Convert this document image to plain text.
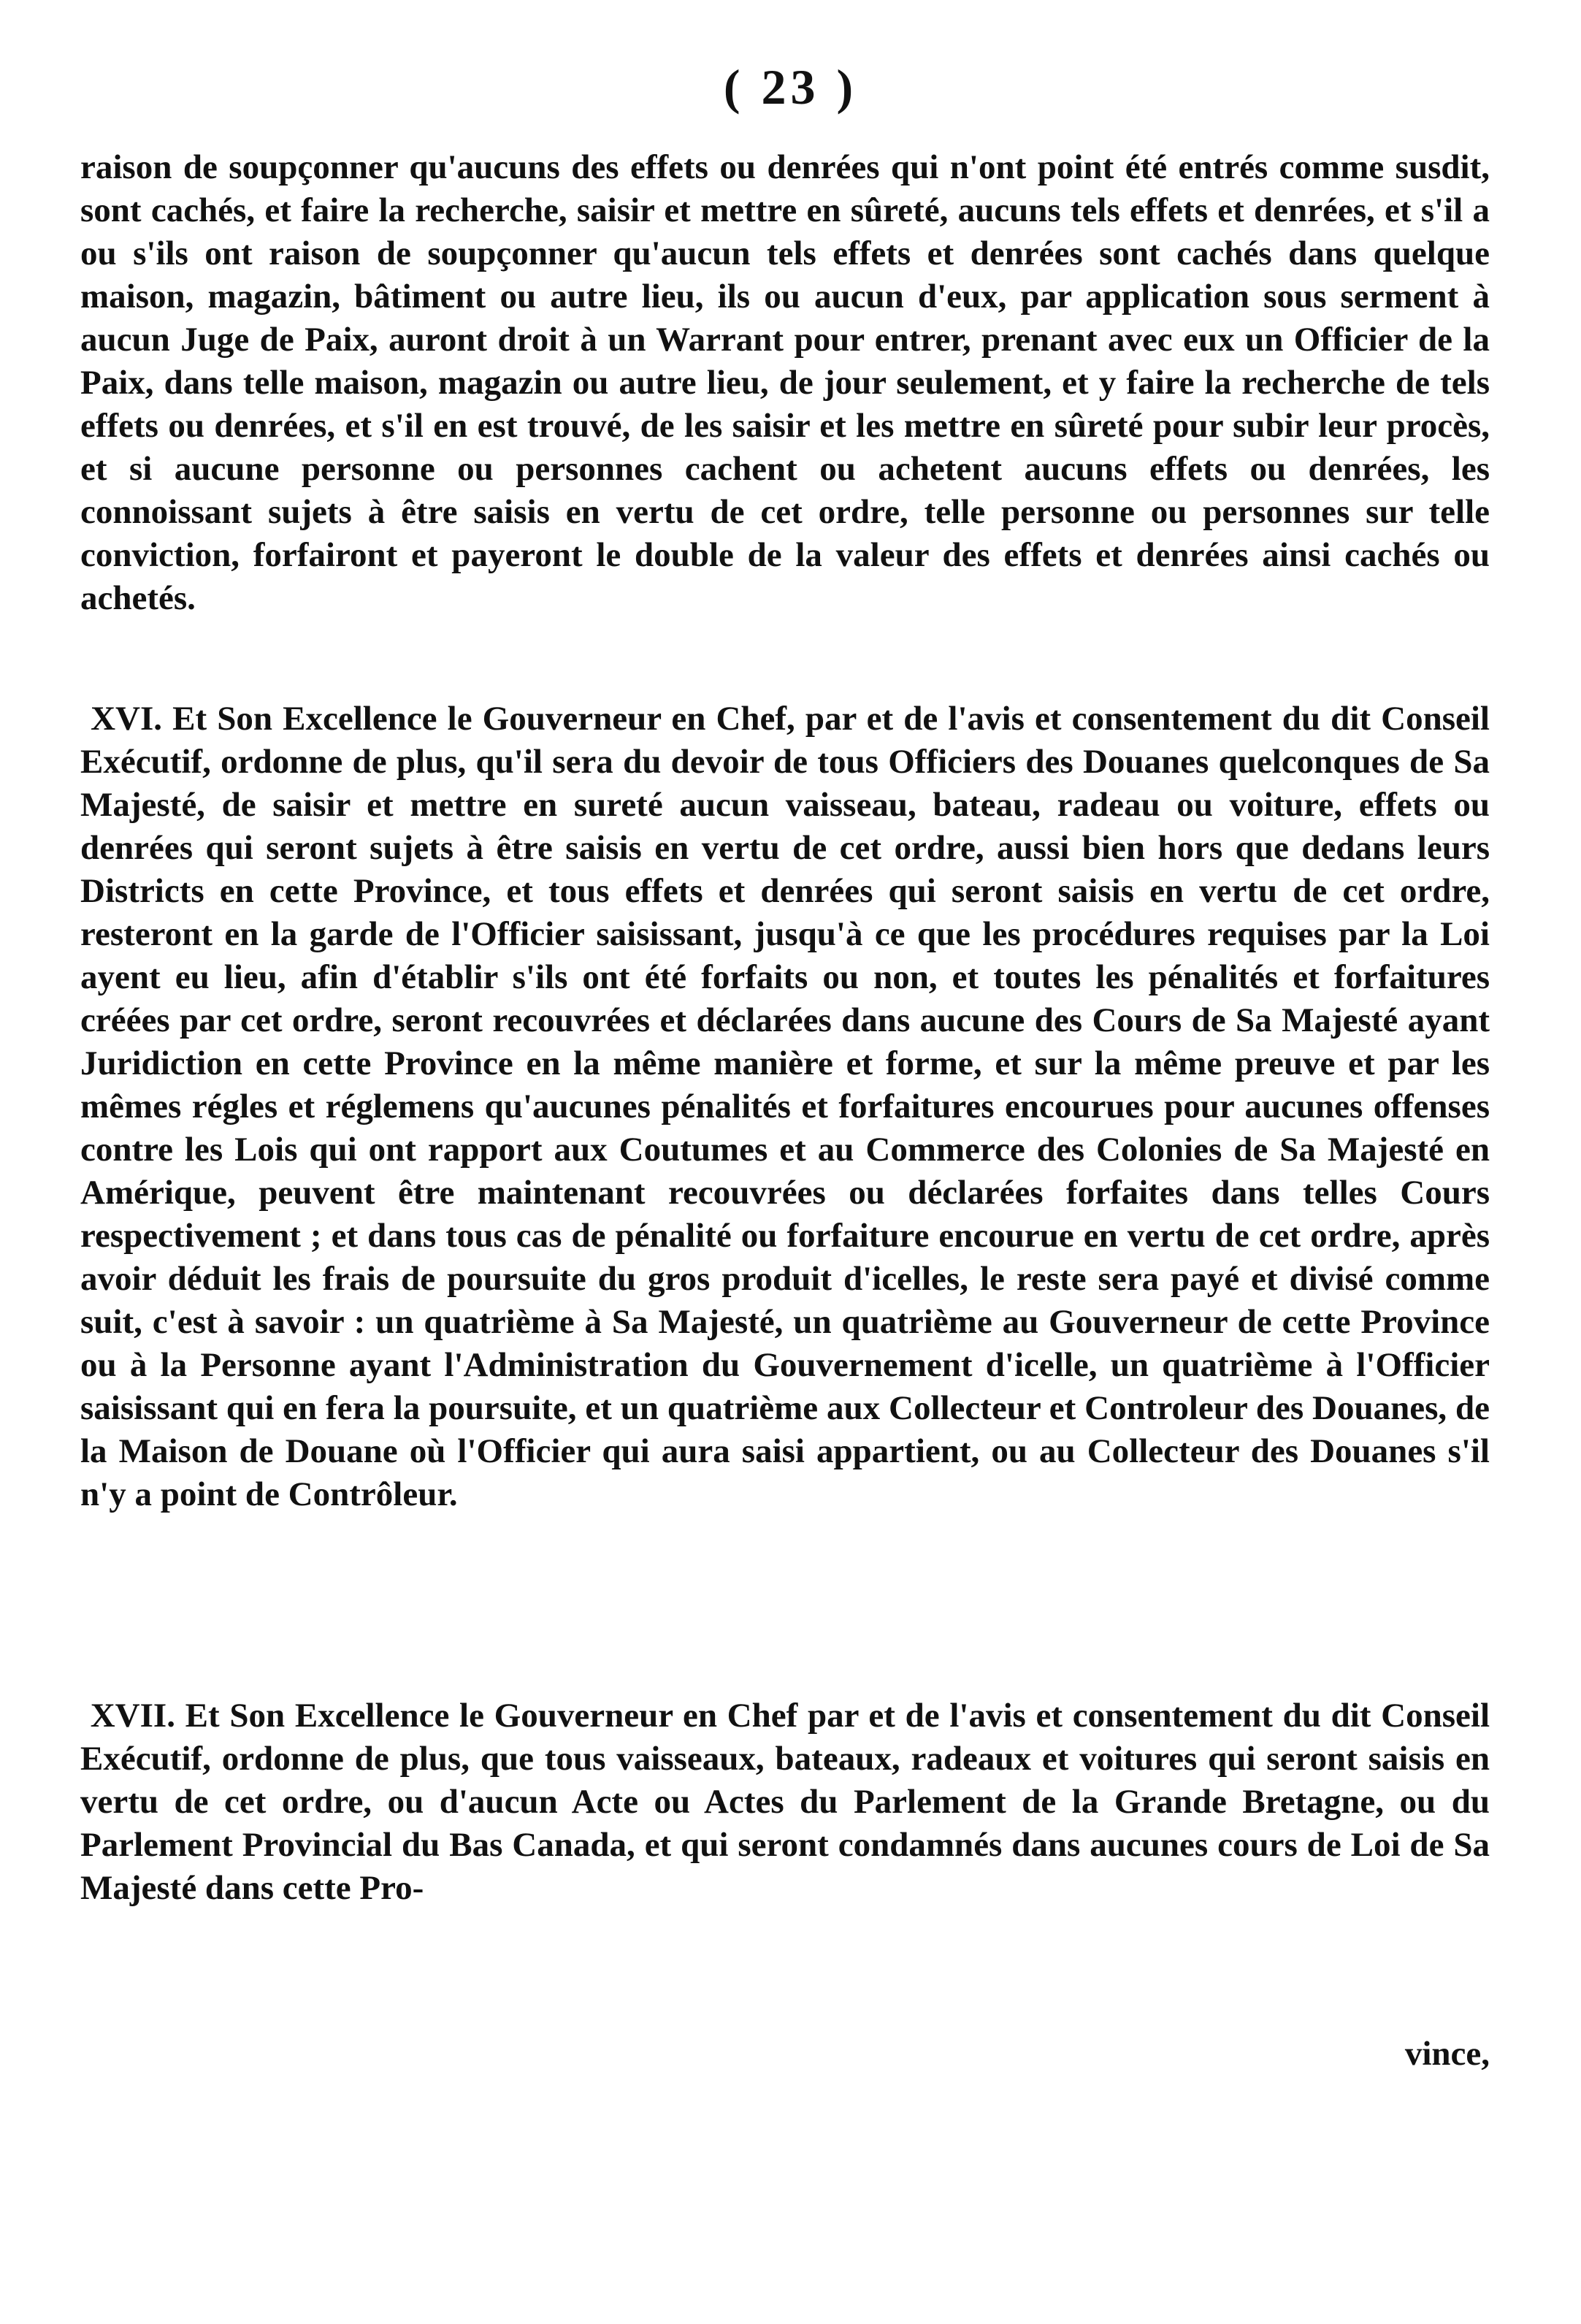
( 23 )
raison de soupçonner qu'aucuns des effets ou denrées qui n'ont point été entrés comme susdit, sont cachés, et faire la recherche, saisir et mettre en sûreté, aucuns tels effets et denrées, et s'il a ou s'ils ont raison de soupçonner qu'aucun tels effets et denrées sont cachés dans quelque maison, magazin, bâtiment ou autre lieu, ils ou aucun d'eux, par application sous serment à aucun Juge de Paix, auront droit à un Warrant pour entrer, prenant avec eux un Officier de la Paix, dans telle maison, magazin ou autre lieu, de jour seulement, et y faire la recherche de tels effets ou denrées, et s'il en est trouvé, de les saisir et les mettre en sûreté pour subir leur procès, et si aucune personne ou personnes cachent ou achetent aucuns effets ou denrées, les connoissant sujets à être saisis en vertu de cet ordre, telle personne ou personnes sur telle conviction, forfairont et payeront le double de la valeur des effets et denrées ainsi cachés ou achetés.
XVI. Et Son Excellence le Gouverneur en Chef, par et de l'avis et consentement du dit Conseil Exécutif, ordonne de plus, qu'il sera du devoir de tous Officiers des Douanes quelconques de Sa Majesté, de saisir et mettre en sureté aucun vaisseau, bateau, radeau ou voiture, effets ou denrées qui seront sujets à être saisis en vertu de cet ordre, aussi bien hors que dedans leurs Districts en cette Province, et tous effets et denrées qui seront saisis en vertu de cet ordre, resteront en la garde de l'Officier saisissant, jusqu'à ce que les procédures requises par la Loi ayent eu lieu, afin d'établir s'ils ont été forfaits ou non, et toutes les pénalités et forfaitures créées par cet ordre, seront recouvrées et déclarées dans aucune des Cours de Sa Majesté ayant Juridiction en cette Province en la même manière et forme, et sur la même preuve et par les mêmes régles et réglemens qu'aucunes pénalités et forfaitures encourues pour aucunes offenses contre les Lois qui ont rapport aux Coutumes et au Commerce des Colonies de Sa Majesté en Amérique, peuvent être maintenant recouvrées ou déclarées forfaites dans telles Cours respectivement ; et dans tous cas de pénalité ou forfaiture encourue en vertu de cet ordre, après avoir déduit les frais de poursuite du gros produit d'icelles, le reste sera payé et divisé comme suit, c'est à savoir : un quatrième à Sa Majesté, un quatrième au Gouverneur de cette Province ou à la Personne ayant l'Administration du Gouvernement d'icelle, un quatrième à l'Officier saisissant qui en fera la poursuite, et un quatrième aux Collecteur et Controleur des Douanes, de la Maison de Douane où l'Officier qui aura saisi appartient, ou au Collecteur des Douanes s'il n'y a point de Contrôleur.
XVII. Et Son Excellence le Gouverneur en Chef par et de l'avis et consentement du dit Conseil Exécutif, ordonne de plus, que tous vaisseaux, bateaux, radeaux et voitures qui seront saisis en vertu de cet ordre, ou d'aucun Acte ou Actes du Parlement de la Grande Bretagne, ou du Parlement Provincial du Bas Canada, et qui seront condamnés dans aucunes cours de Loi de Sa Majesté dans cette Pro-
vince,
